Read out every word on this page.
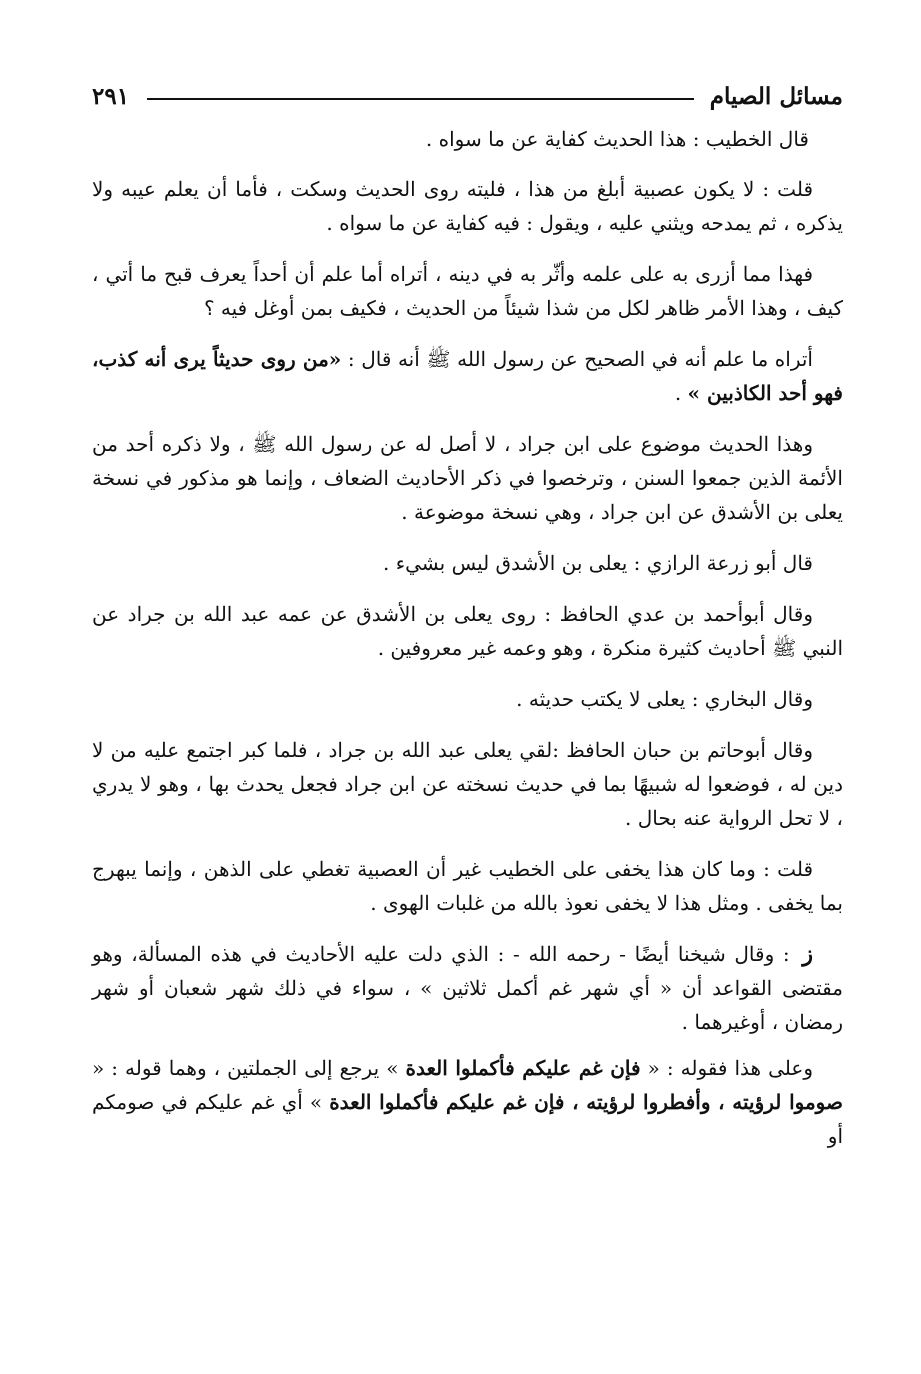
مسائل الصيام
٢٩١

قال الخطيب : هذا الحديث كفاية عن ما سواه .

قلت : لا يكون عصبية أبلغ من هذا ، فليته روى الحديث وسكت ، فأما أن يعلم عيبه ولا يذكره ، ثم يمدحه ويثني عليه ، ويقول : فيه كفاية عن ما سواه .

فهذا مما أزرى به على علمه وأثّر به في دينه ، أتراه أما علم أن أحداً يعرف قبح ما أتي ، كيف ، وهذا الأمر ظاهر لكل من شذا شيئاً من الحديث ، فكيف بمن أوغل فيه ؟

أتراه ما علم أنه في الصحيح عن رسول الله ﷺ أنه قال : «من روى حديثاً يرى أنه كذب، فهو أحد الكاذبين » .

وهذا الحديث موضوع على ابن جراد ، لا أصل له عن رسول الله ﷺ ، ولا ذكره أحد من الأئمة الذين جمعوا السنن ، وترخصوا في ذكر الأحاديث الضعاف ، وإنما هو مذكور في نسخة يعلى بن الأشدق عن ابن جراد ، وهي نسخة موضوعة .

قال أبو زرعة الرازي : يعلى بن الأشدق ليس بشيء .

وقال أبوأحمد بن عدي الحافظ : روى يعلى بن الأشدق عن عمه عبد الله بن جراد عن النبي ﷺ أحاديث كثيرة منكرة ، وهو وعمه غير معروفين .

وقال البخاري : يعلى لا يكتب حديثه .

وقال أبوحاتم بن حبان الحافظ :لقي يعلى عبد الله بن جراد ، فلما كبر اجتمع عليه من لا دين له ، فوضعوا له شبيهًا بما في حديث نسخته عن ابن جراد فجعل يحدث بها ، وهو لا يدري ، لا تحل الرواية عنه بحال .

قلت : وما كان هذا يخفى على الخطيب غير أن العصبية تغطي على الذهن ، وإنما يبهرج بما يخفى . ومثل هذا لا يخفى نعوذ بالله من غلبات الهوى .

ز : وقال شيخنا أيضًا - رحمه الله - : الذي دلت عليه الأحاديث في هذه المسألة، وهو مقتضى القواعد أن « أي شهر غم أكمل ثلاثين » ، سواء في ذلك شهر شعبان أو شهر رمضان ، أوغيرهما .

وعلى هذا فقوله : « فإن غم عليكم فأكملوا العدة » يرجع إلى الجملتين ، وهما قوله : « صوموا لرؤيته ، وأفطروا لرؤيته ، فإن غم عليكم فأكملوا العدة » أي غم عليكم في صومكم أو
